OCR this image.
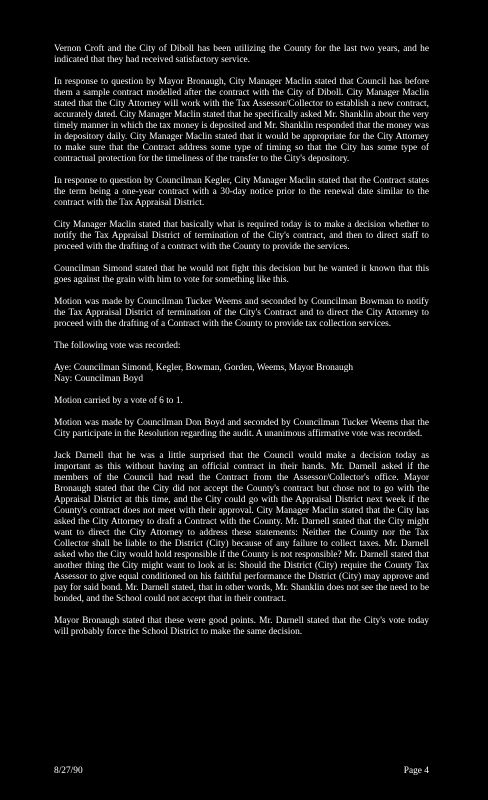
Vernon Croft and the City of Diboll has been utilizing the County for the last two years, and he indicated that they had received satisfactory service.

In response to question by Mayor Bronaugh, City Manager Maclin stated that Council has before them a sample contract modelled after the contract with the City of Diboll. City Manager Maclin stated that the City Attorney will work with the Tax Assessor/Collector to establish a new contract, accurately dated. City Manager Maclin stated that he specifically asked Mr. Shanklin about the very timely manner in which the tax money is deposited and Mr. Shanklin responded that the money was in depository daily. City Manager Maclin stated that it would be appropriate for the City Attorney to make sure that the Contract address some type of timing so that the City has some type of contractual protection for the timeliness of the transfer to the City's depository.

In response to question by Councilman Kegler, City Manager Maclin stated that the Contract states the term being a one-year contract with a 30-day notice prior to the renewal date similar to the contract with the Tax Appraisal District.

City Manager Maclin stated that basically what is required today is to make a decision whether to notify the Tax Appraisal District of termination of the City's contract, and then to direct staff to proceed with the drafting of a contract with the County to provide the services.

Councilman Simond stated that he would not fight this decision but he wanted it known that this goes against the grain with him to vote for something like this.

Motion was made by Councilman Tucker Weems and seconded by Councilman Bowman to notify the Tax Appraisal District of termination of the City's Contract and to direct the City Attorney to proceed with the drafting of a Contract with the County to provide tax collection services.

The following vote was recorded:

Aye: Councilman Simond, Kegler, Bowman, Gorden, Weems, Mayor Bronaugh

Nay: Councilman Boyd

Motion carried by a vote of 6 to 1.

Motion was made by Councilman Don Boyd and seconded by Councilman Tucker Weems that the City participate in the Resolution regarding the audit. A unanimous affirmative vote was recorded.

Jack Darnell that he was a little surprised that the Council would make a decision today as important as this without having an official contract in their hands. Mr. Darnell asked if the members of the Council had read the Contract from the Assessor/Collector's office. Mayor Bronaugh stated that the City did not accept the County's contract but chose not to go with the Appraisal District at this time, and the City could go with the Appraisal District next week if the County's contract does not meet with their approval. City Manager Maclin stated that the City has asked the City Attorney to draft a Contract with the County. Mr. Darnell stated that the City might want to direct the City Attorney to address these statements: Neither the County nor the Tax Collector shall be liable to the District (City) because of any failure to collect taxes. Mr. Darnell asked who the City would hold responsible if the County is not responsible? Mr. Darnell stated that another thing the City might want to look at is: Should the District (City) require the County Tax Assessor to give equal conditioned on his faithful performance the District (City) may approve and pay for said bond. Mr. Darnell stated, that in other words, Mr. Shanklin does not see the need to be bonded, and the School could not accept that in their contract.

Mayor Bronaugh stated that these were good points. Mr. Darnell stated that the City's vote today will probably force the School District to make the same decision.

8/27/90	Page 4
